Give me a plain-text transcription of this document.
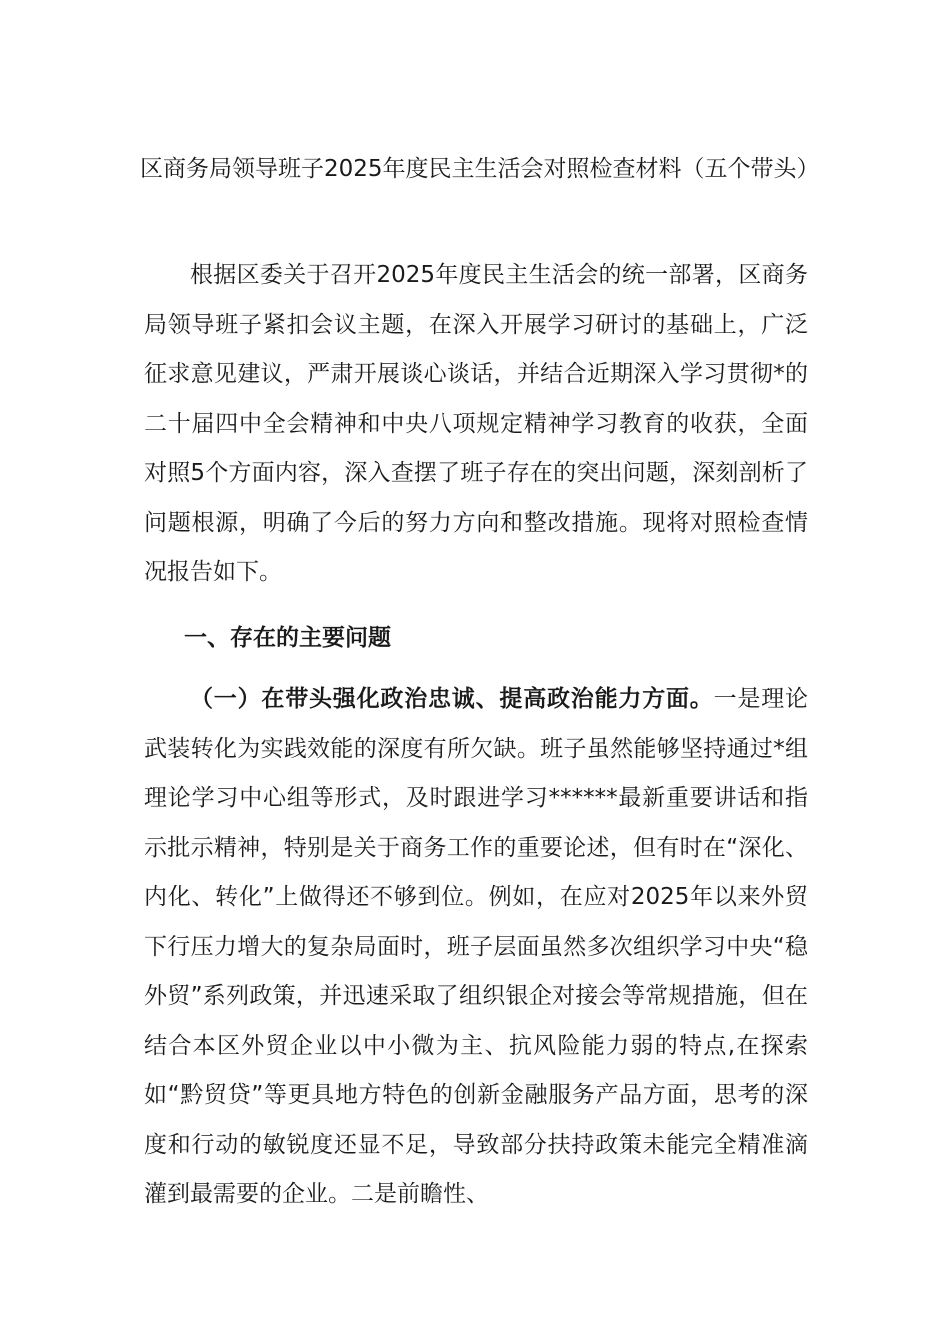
区商务局领导班子2025年度民主生活会对照检查材料（五个带头）

根据区委关于召开2025年度民主生活会的统一部署，区商务局领导班子紧扣会议主题，在深入开展学习研讨的基础上，广泛征求意见建议，严肃开展谈心谈话，并结合近期深入学习贯彻*的二十届四中全会精神和中央八项规定精神学习教育的收获，全面对照5个方面内容，深入查摆了班子存在的突出问题，深刻剖析了问题根源，明确了今后的努力方向和整改措施。现将对照检查情况报告如下。

一、存在的主要问题

（一）在带头强化政治忠诚、提高政治能力方面。一是理论武装转化为实践效能的深度有所欠缺。班子虽然能够坚持通过*组理论学习中心组等形式，及时跟进学习******最新重要讲话和指示批示精神，特别是关于商务工作的重要论述，但有时在“深化、内化、转化”上做得还不够到位。例如，在应对2025年以来外贸下行压力增大的复杂局面时，班子层面虽然多次组织学习中央“稳外贸”系列政策，并迅速采取了组织银企对接会等常规措施，但在结合本区外贸企业以中小微为主、抗风险能力弱的特点,在探索如“黔贸贷”等更具地方特色的创新金融服务产品方面，思考的深度和行动的敏锐度还显不足，导致部分扶持政策未能完全精准滴灌到最需要的企业。二是前瞻性、
